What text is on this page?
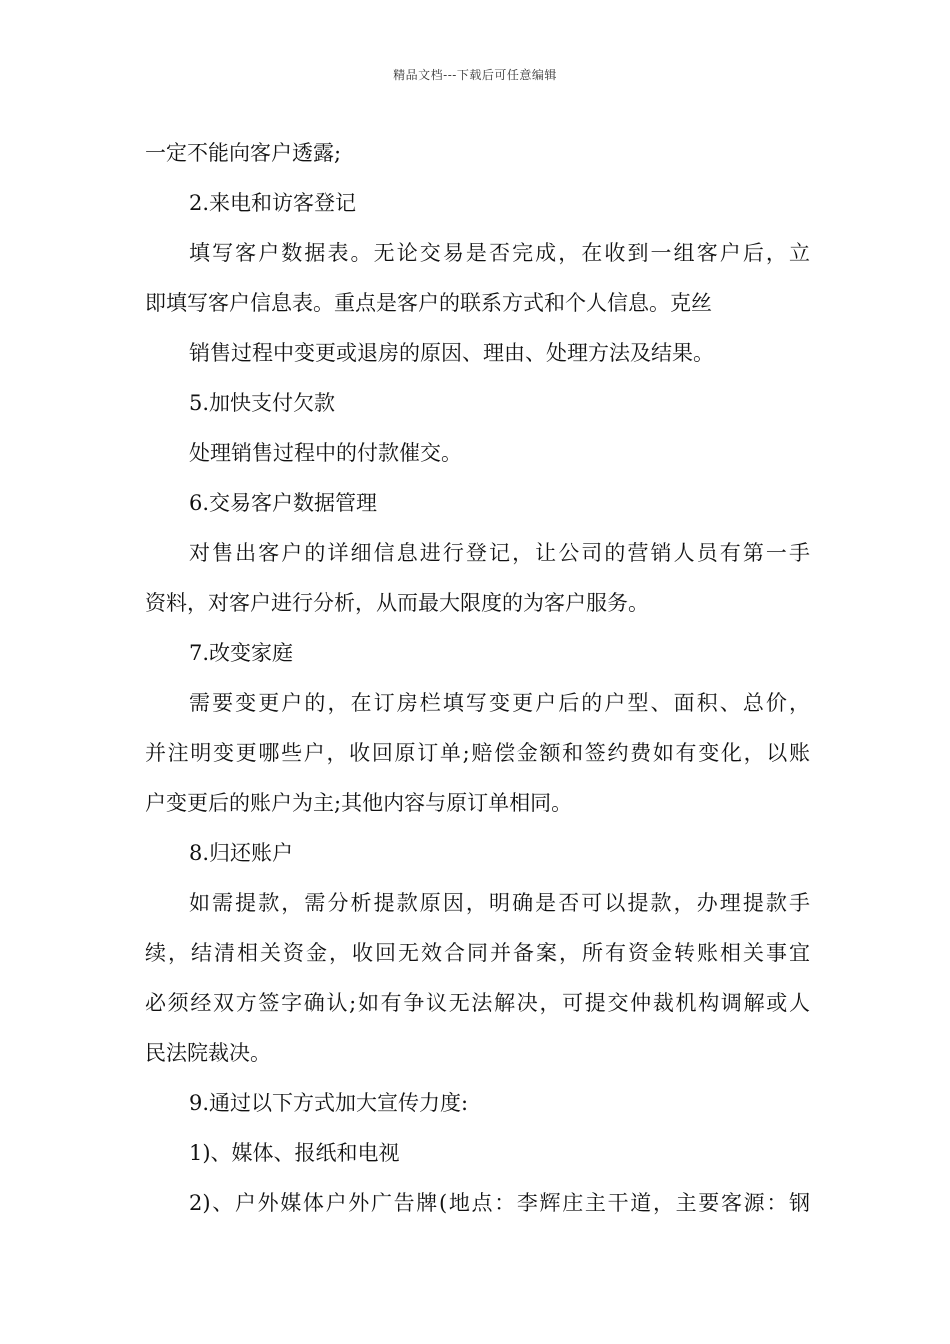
精品文档---下载后可任意编辑
一定不能向客户透露;
2.来电和访客登记
填写客户数据表。无论交易是否完成，在收到一组客户后，立
即填写客户信息表。重点是客户的联系方式和个人信息。克丝
销售过程中变更或退房的原因、理由、处理方法及结果。
5.加快支付欠款
处理销售过程中的付款催交。
6.交易客户数据管理
对售出客户的详细信息进行登记，让公司的营销人员有第一手
资料，对客户进行分析，从而最大限度的为客户服务。
7.改变家庭
需要变更户的，在订房栏填写变更户后的户型、面积、总价，
并注明变更哪些户，收回原订单;赔偿金额和签约费如有变化，以账
户变更后的账户为主;其他内容与原订单相同。
8.归还账户
如需提款，需分析提款原因，明确是否可以提款，办理提款手
续，结清相关资金，收回无效合同并备案，所有资金转账相关事宜
必须经双方签字确认;如有争议无法解决，可提交仲裁机构调解或人
民法院裁决。
9.通过以下方式加大宣传力度:
1)、媒体、报纸和电视
2)、户外媒体户外广告牌(地点：李辉庄主干道，主要客源：钢
